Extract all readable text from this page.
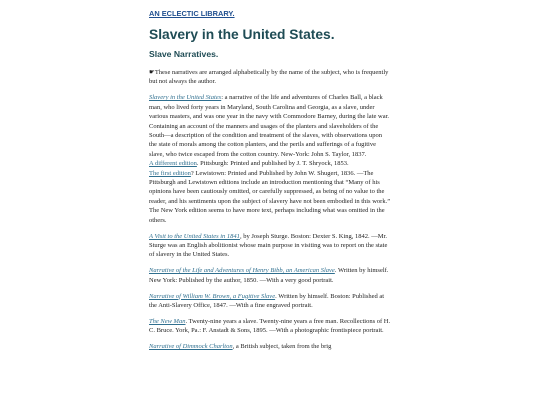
AN ECLECTIC LIBRARY.
Slavery in the United States.
Slave Narratives.

☛These narratives are arranged alphabetically by the name of the subject, who is frequently but not always the author.

Slavery in the United States: a narrative of the life and adventures of Charles Ball, a black man, who lived forty years in Maryland, South Carolina and Georgia, as a slave, under various masters, and was one year in the navy with Commodore Barney, during the late war. Containing an account of the manners and usages of the planters and slaveholders of the South—a description of the condition and treatment of the slaves, with observations upon the state of morals among the cotton planters, and the perils and sufferings of a fugitive slave, who twice escaped from the cotton country. New-York: John S. Taylor, 1837.
A different edition. Pittsburgh: Printed and published by J. T. Shryock, 1853.
The first edition? Lewistown: Printed and Published by John W. Shugert, 1836. —The Pittsburgh and Lewistown editions include an introduction mentioning that “Many of his opinions have been cautiously omitted, or carefully suppressed, as being of no value to the reader, and his sentiments upon the subject of slavery have not been embodied in this work.” The New York edition seems to have more text, perhaps including what was omitted in the others.

A Visit to the United States in 1841, by Joseph Sturge. Boston: Dexter S. King, 1842. —Mr. Sturge was an English abolitionist whose main purpose in visiting was to report on the state of slavery in the United States.

Narrative of the Life and Adventures of Henry Bibb, an American Slave. Written by himself. New York: Published by the author, 1850. —With a very good portrait.

Narrative of William W. Brown, a Fugitive Slave. Written by himself. Boston: Published at the Anti-Slavery Office, 1847. —With a fine engraved portrait.

The New Man. Twenty-nine years a slave. Twenty-nine years a free man. Recollections of H. C. Bruce. York, Pa.: F. Anstadt & Sons, 1895. —With a photographic frontispiece portrait.

Narrative of Dimmock Charlton, a British subject, taken from the brig
